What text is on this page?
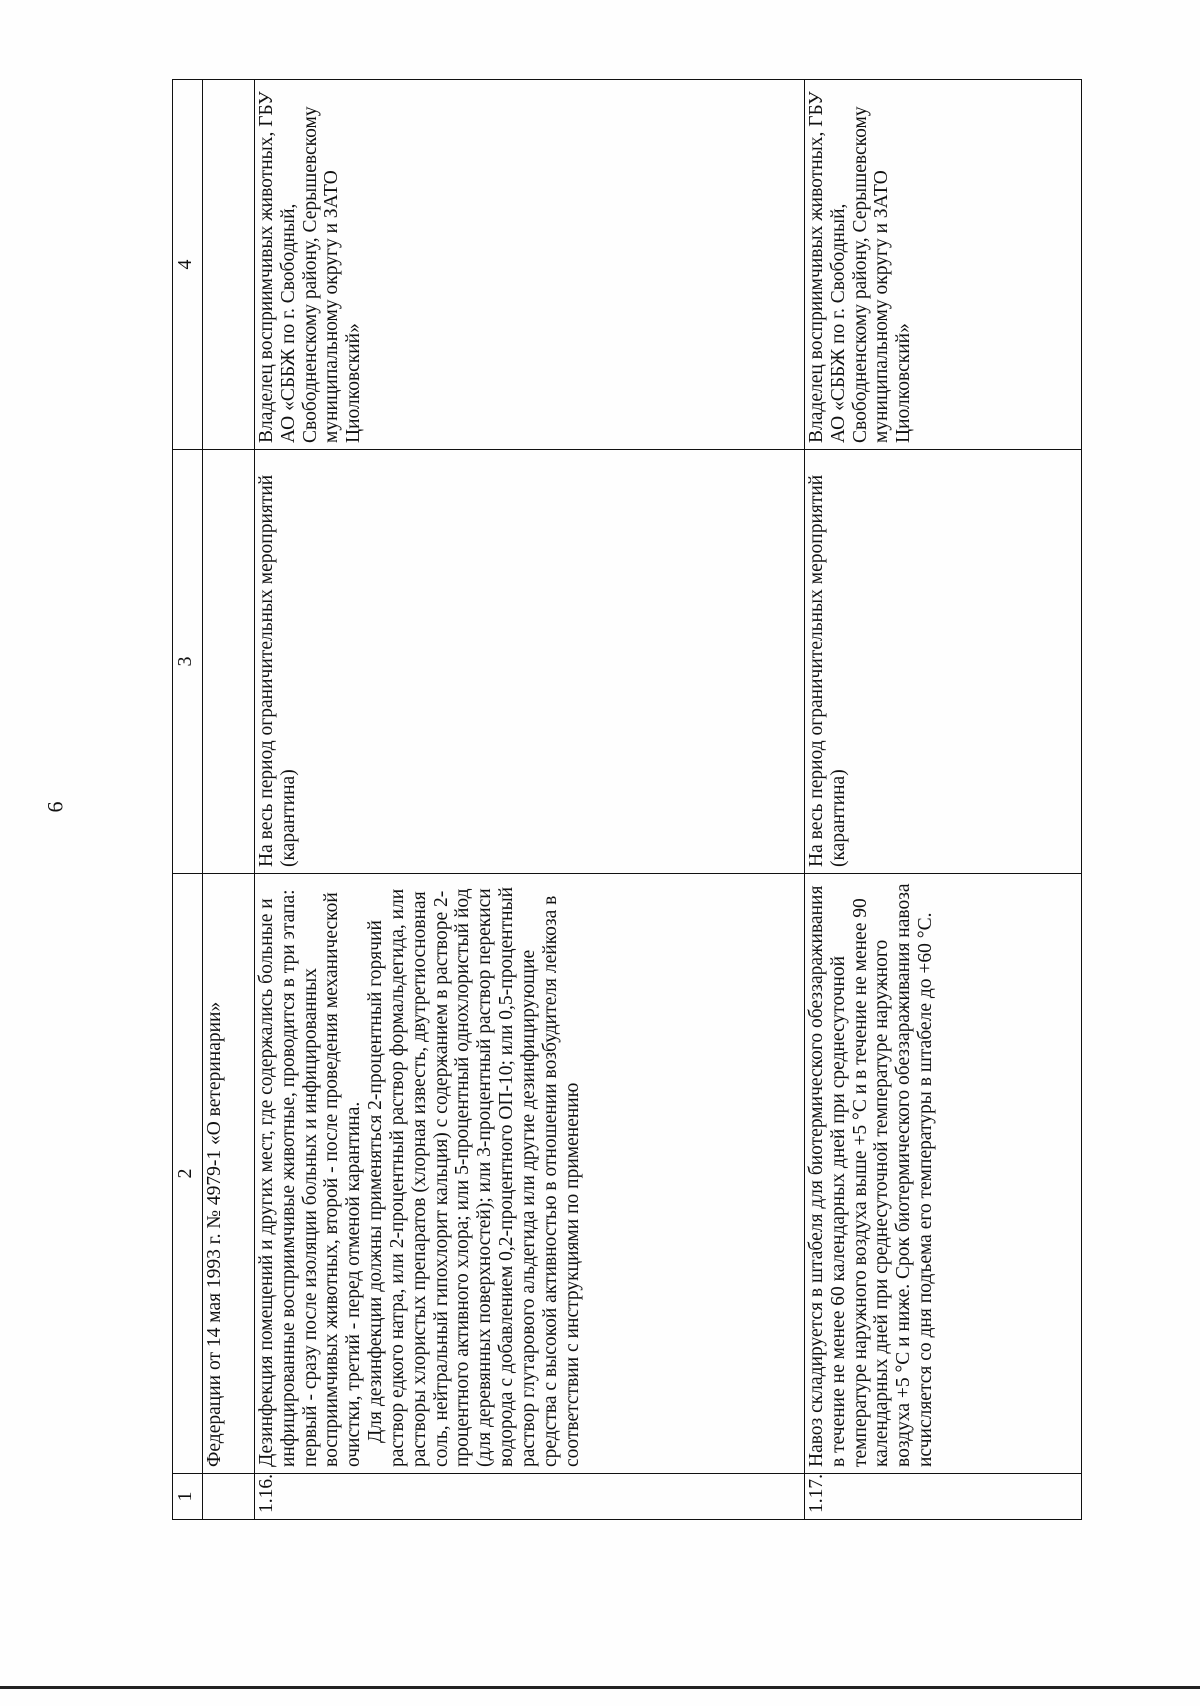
6
1	2	3	4
	Федерации от 14 мая 1993 г. № 4979-1 «О ветеринарии»		
1.16.	Дезинфекция помещений и других мест, где содержались больные и инфицированные восприимчивые животные, проводится в три этапа: первый - сразу после изоляции больных и инфицированных восприимчивых животных, второй - после проведения механической очистки, третий - перед отменой карантина. Для дезинфекции должны применяться 2-процентный горячий раствор едкого натра, или 2-процентный раствор формальдегида, или растворы хлористых препаратов (хлорная известь, двутретиосновная соль, нейтральный гипохлорит кальция) с содержанием в растворе 2-процентного активного хлора; или 5-процентный однохлористый йод (для деревянных поверхностей); или 3-процентный раствор перекиси водорода с добавлением 0,2-процентного ОП-10; или 0,5-процентный раствор глутарового альдегида или другие дезинфицирующие средства с высокой активностью в отношении возбудителя лейкоза в соответствии с инструкциями по применению	На весь период ограничительных мероприятий (карантина)	Владелец восприимчивых животных, ГБУ АО «СББЖ по г. Свободный, Свободненскому району, Серышевскому муниципальному округу и ЗАТО Циолковский»
1.17.	Навоз складируется в штабеля для биотермического обеззараживания в течение не менее 60 календарных дней при среднесуточной температуре наружного воздуха выше +5 °С и в течение не менее 90 календарных дней при среднесуточной температуре наружного воздуха +5 °С и ниже. Срок биотермического обеззараживания навоза исчисляется со дня подъема его температуры в штабеле до +60 °С.	На весь период ограничительных мероприятий (карантина)	Владелец восприимчивых животных, ГБУ АО «СББЖ по г. Свободный, Свободненскому району, Серышевскому муниципальному округу и ЗАТО Циолковский»
